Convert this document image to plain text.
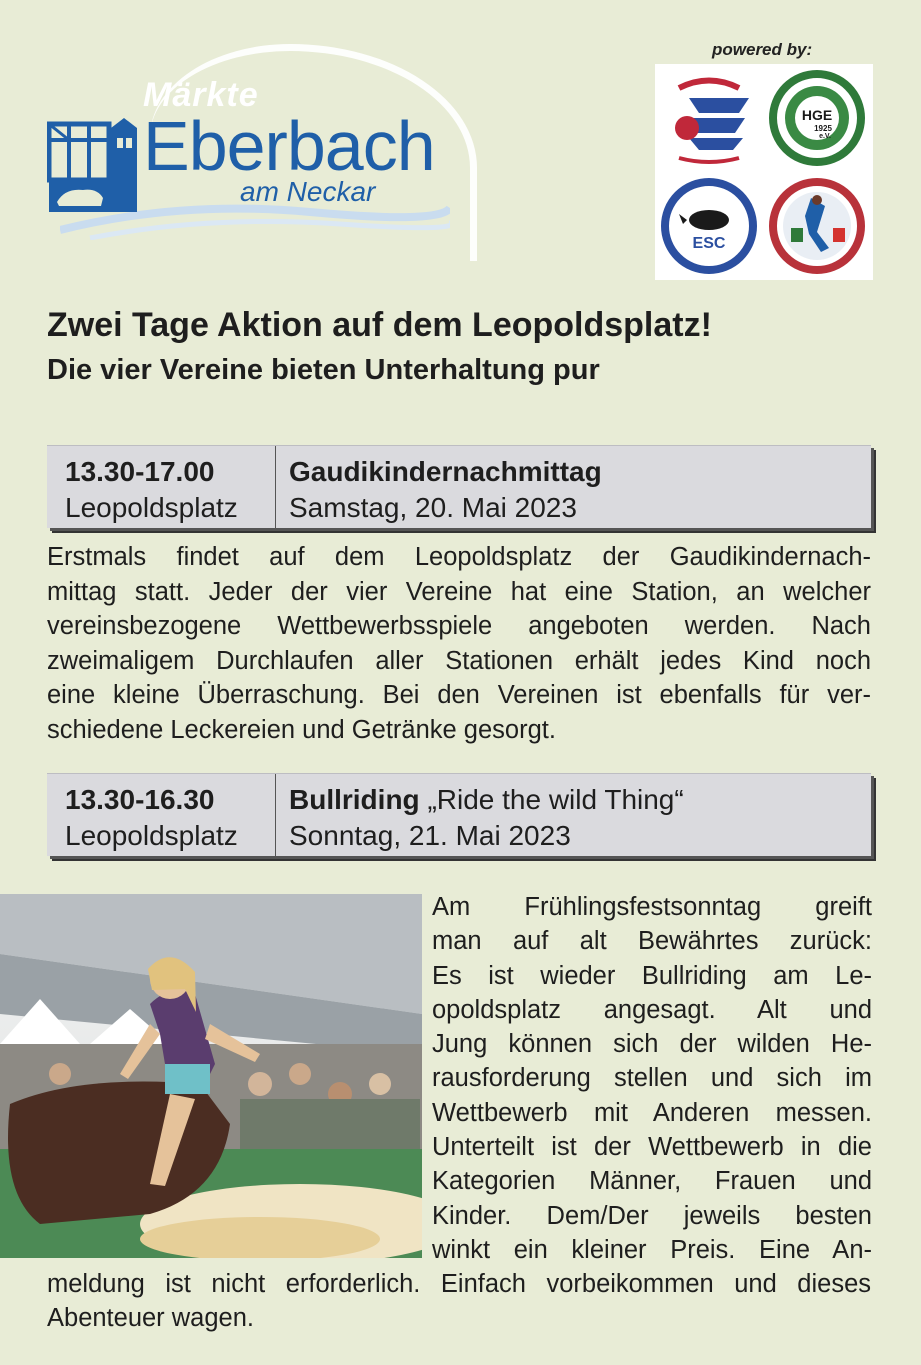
Märkte
Eberbach
am Neckar
powered by:
HGE
1925
e.V.
ESC
Zwei Tage Aktion auf dem Leopoldsplatz!
Die vier Vereine bieten Unterhaltung pur
13.30-17.00
Leopoldsplatz
Gaudikindernachmittag
Samstag, 20. Mai 2023
Erstmals findet auf dem Leopoldsplatz der Gaudikindernach-
mittag statt. Jeder der vier Vereine hat eine Station, an welcher
vereinsbezogene Wettbewerbsspiele angeboten werden. Nach
zweimaligem Durchlaufen aller Stationen erhält jedes Kind noch
eine kleine Überraschung. Bei den Vereinen ist ebenfalls für ver-
schiedene Leckereien und Getränke gesorgt.
13.30-16.30
Leopoldsplatz
Bullriding „Ride the wild Thing“
Sonntag, 21. Mai 2023
Am Frühlingsfestsonntag greift
man auf alt Bewährtes zurück:
Es ist wieder Bullriding am Le-
opoldsplatz angesagt. Alt und
Jung können sich der wilden He-
rausforderung stellen und sich im
Wettbewerb mit Anderen messen.
Unterteilt ist der Wettbewerb in die
Kategorien Männer, Frauen und
Kinder. Dem/Der jeweils besten
winkt ein kleiner Preis. Eine An-
meldung ist nicht erforderlich. Einfach vorbeikommen und dieses
Abenteuer wagen.
